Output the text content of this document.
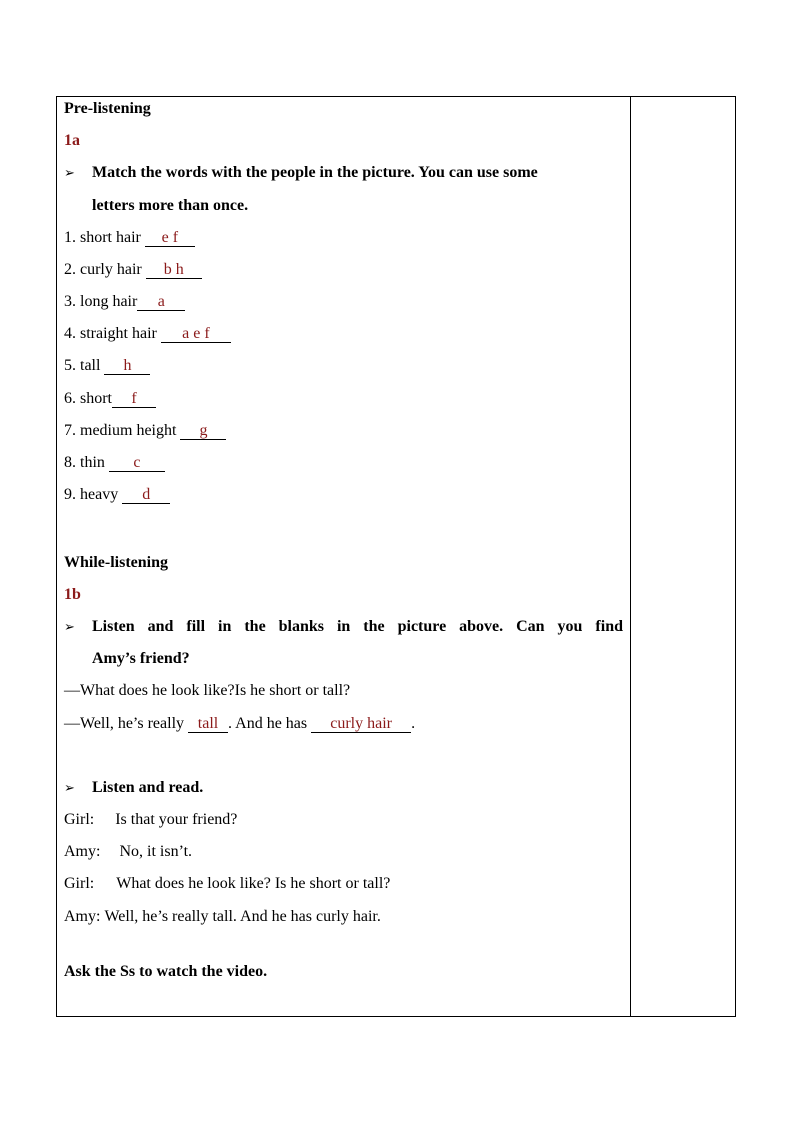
Pre-listening
1a
➢ Match the words with the people in the picture. You can use some
letters more than once.
1. short hair e f
2. curly hair b h
3. long hair a
4. straight hair a e f
5. tall h
6. short f
7. medium height g
8. thin c
9. heavy d
While-listening
1b
➢ Listen and fill in the blanks in the picture above. Can you find
Amy’s friend?
—What does he look like?Is he short or tall?
—Well, he’s really tall . And he has curly hair .
➢ Listen and read.
Girl: Is that your friend?
Amy: No, it isn’t.
Girl: What does he look like? Is he short or tall?
Amy: Well, he’s really tall. And he has curly hair.
Ask the Ss to watch the video.
